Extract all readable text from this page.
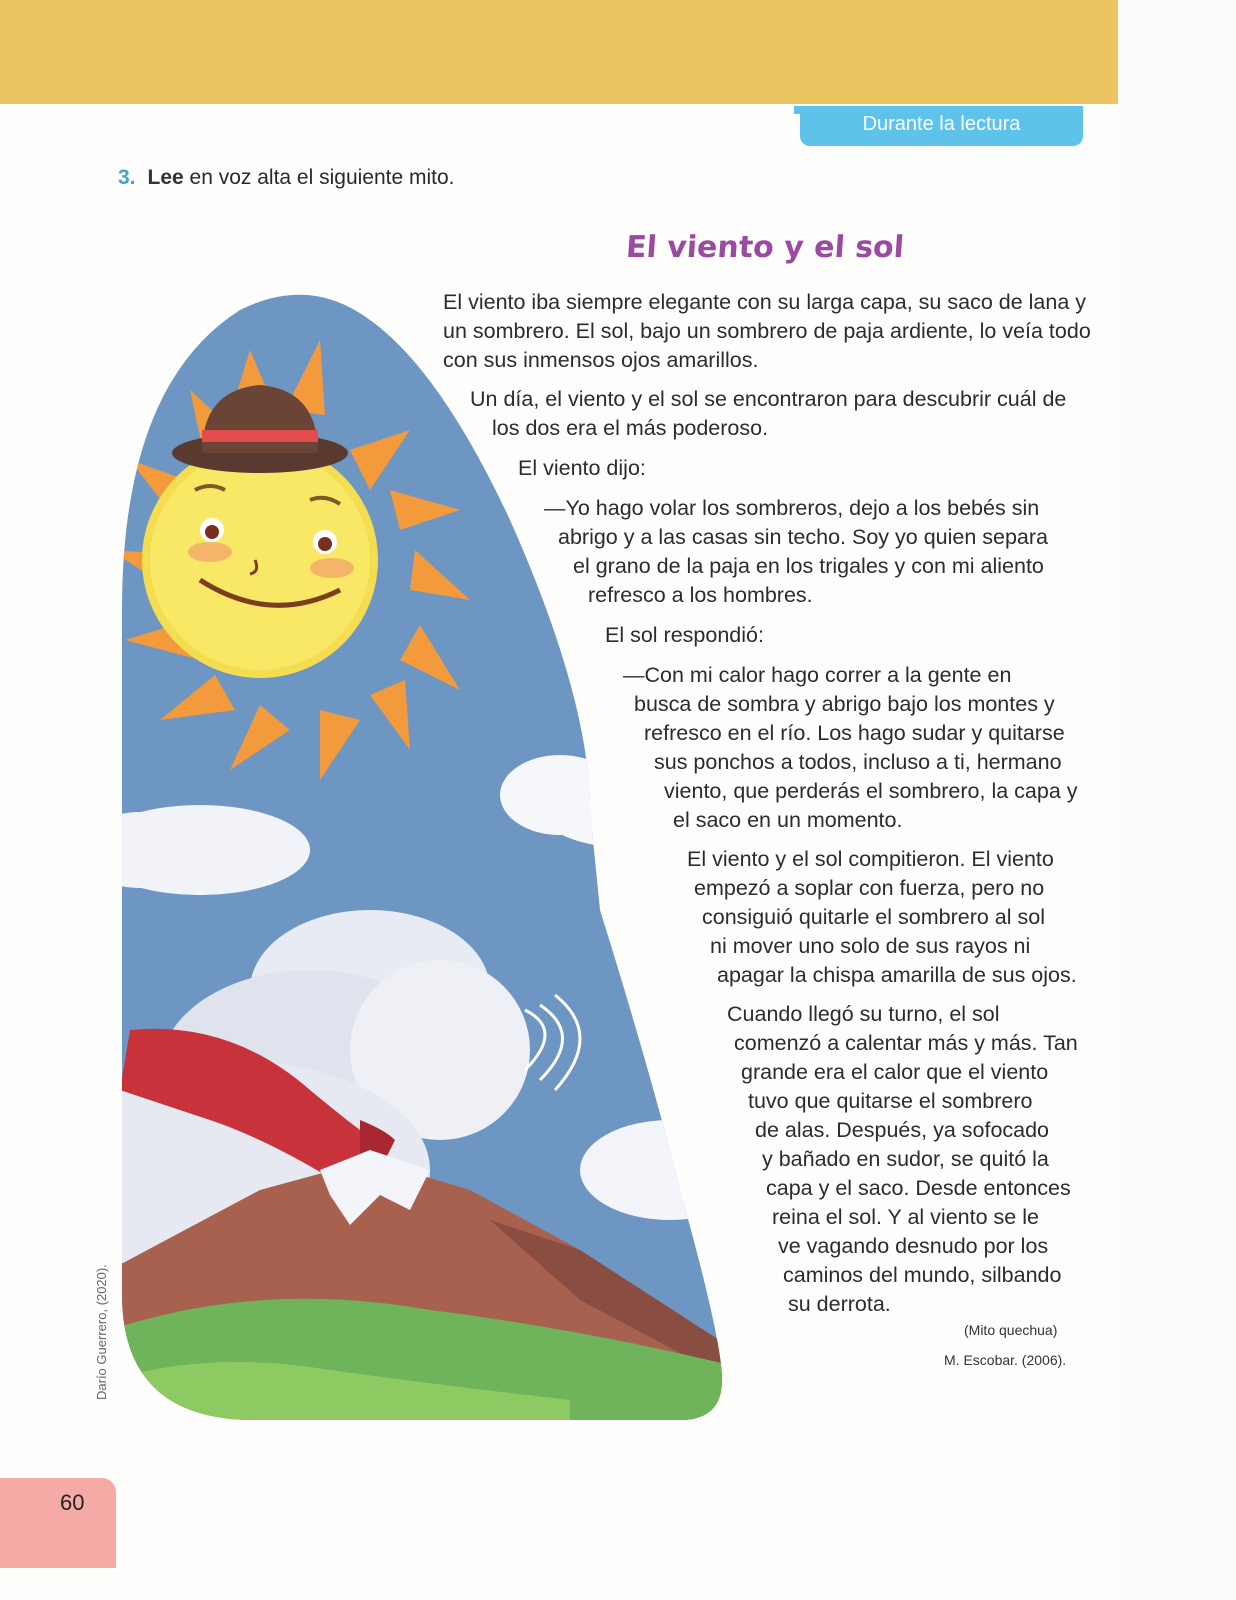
Durante la lectura
3. Lee en voz alta el siguiente mito.
El viento y el sol
El viento iba siempre elegante con su larga capa, su saco de lana y
un sombrero. El sol, bajo un sombrero de paja ardiente, lo veía todo
con sus inmensos ojos amarillos.
Un día, el viento y el sol se encontraron para descubrir cuál de
los dos era el más poderoso.
El viento dijo:
—Yo hago volar los sombreros, dejo a los bebés sin
abrigo y a las casas sin techo. Soy yo quien separa
el grano de la paja en los trigales y con mi aliento
refresco a los hombres.
El sol respondió:
—Con mi calor hago correr a la gente en
busca de sombra y abrigo bajo los montes y
refresco en el río. Los hago sudar y quitarse
sus ponchos a todos, incluso a ti, hermano
viento, que perderás el sombrero, la capa y
el saco en un momento.
El viento y el sol compitieron. El viento
empezó a soplar con fuerza, pero no
consiguió quitarle el sombrero al sol
ni mover uno solo de sus rayos ni
apagar la chispa amarilla de sus ojos.
Cuando llegó su turno, el sol
comenzó a calentar más y más. Tan
grande era el calor que el viento
tuvo que quitarse el sombrero
de alas. Después, ya sofocado
y bañado en sudor, se quitó la
capa y el saco. Desde entonces
reina el sol. Y al viento se le
ve vagando desnudo por los
caminos del mundo, silbando
su derrota.
(Mito quechua)
M. Escobar. (2006).
Darío Guerrero, (2020).
60
